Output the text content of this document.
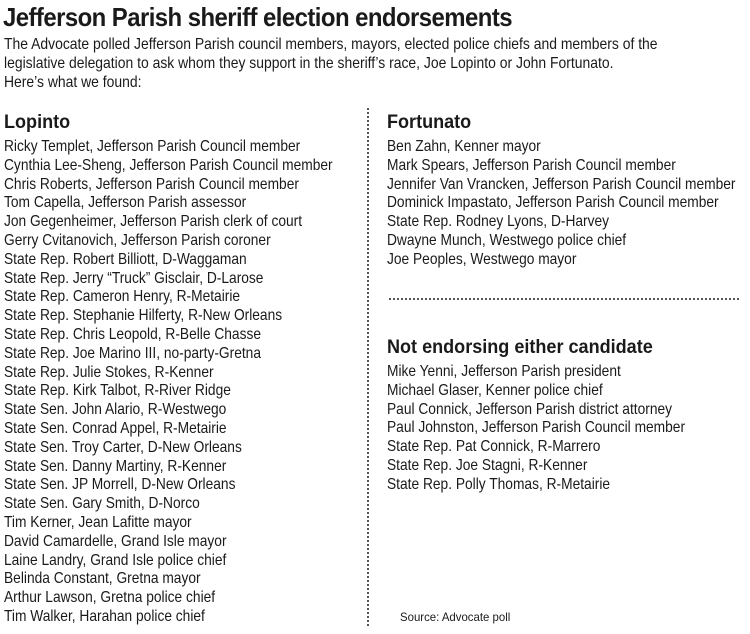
Jefferson Parish sheriff election endorsements

The Advocate polled Jefferson Parish council members, mayors, elected police chiefs and members of the

legislative delegation to ask whom they support in the sheriff’s race, Joe Lopinto or John Fortunato.

Here’s what we found:

Lopinto
Ricky Templet, Jefferson Parish Council member
Cynthia Lee-Sheng, Jefferson Parish Council member
Chris Roberts, Jefferson Parish Council member
Tom Capella, Jefferson Parish assessor
Jon Gegenheimer, Jefferson Parish clerk of court
Gerry Cvitanovich, Jefferson Parish coroner
State Rep. Robert Billiott, D-Waggaman
State Rep. Jerry “Truck” Gisclair, D-Larose
State Rep. Cameron Henry, R-Metairie
State Rep. Stephanie Hilferty, R-New Orleans
State Rep. Chris Leopold, R-Belle Chasse
State Rep. Joe Marino III, no-party-Gretna
State Rep. Julie Stokes, R-Kenner
State Rep. Kirk Talbot, R-River Ridge
State Sen. John Alario, R-Westwego
State Sen. Conrad Appel, R-Metairie
State Sen. Troy Carter, D-New Orleans
State Sen. Danny Martiny, R-Kenner
State Sen. JP Morrell, D-New Orleans
State Sen. Gary Smith, D-Norco
Tim Kerner, Jean Lafitte mayor
David Camardelle, Grand Isle mayor
Laine Landry, Grand Isle police chief
Belinda Constant, Gretna mayor
Arthur Lawson, Gretna police chief
Tim Walker, Harahan police chief
Fortunato
Ben Zahn, Kenner mayor
Mark Spears, Jefferson Parish Council member
Jennifer Van Vrancken, Jefferson Parish Council member
Dominick Impastato, Jefferson Parish Council member
State Rep. Rodney Lyons, D-Harvey
Dwayne Munch, Westwego police chief
Joe Peoples, Westwego mayor
Not endorsing either candidate
Mike Yenni, Jefferson Parish president
Michael Glaser, Kenner police chief
Paul Connick, Jefferson Parish district attorney
Paul Johnston, Jefferson Parish Council member
State Rep. Pat Connick, R-Marrero
State Rep. Joe Stagni, R-Kenner
State Rep. Polly Thomas, R-Metairie
Source: Advocate poll
